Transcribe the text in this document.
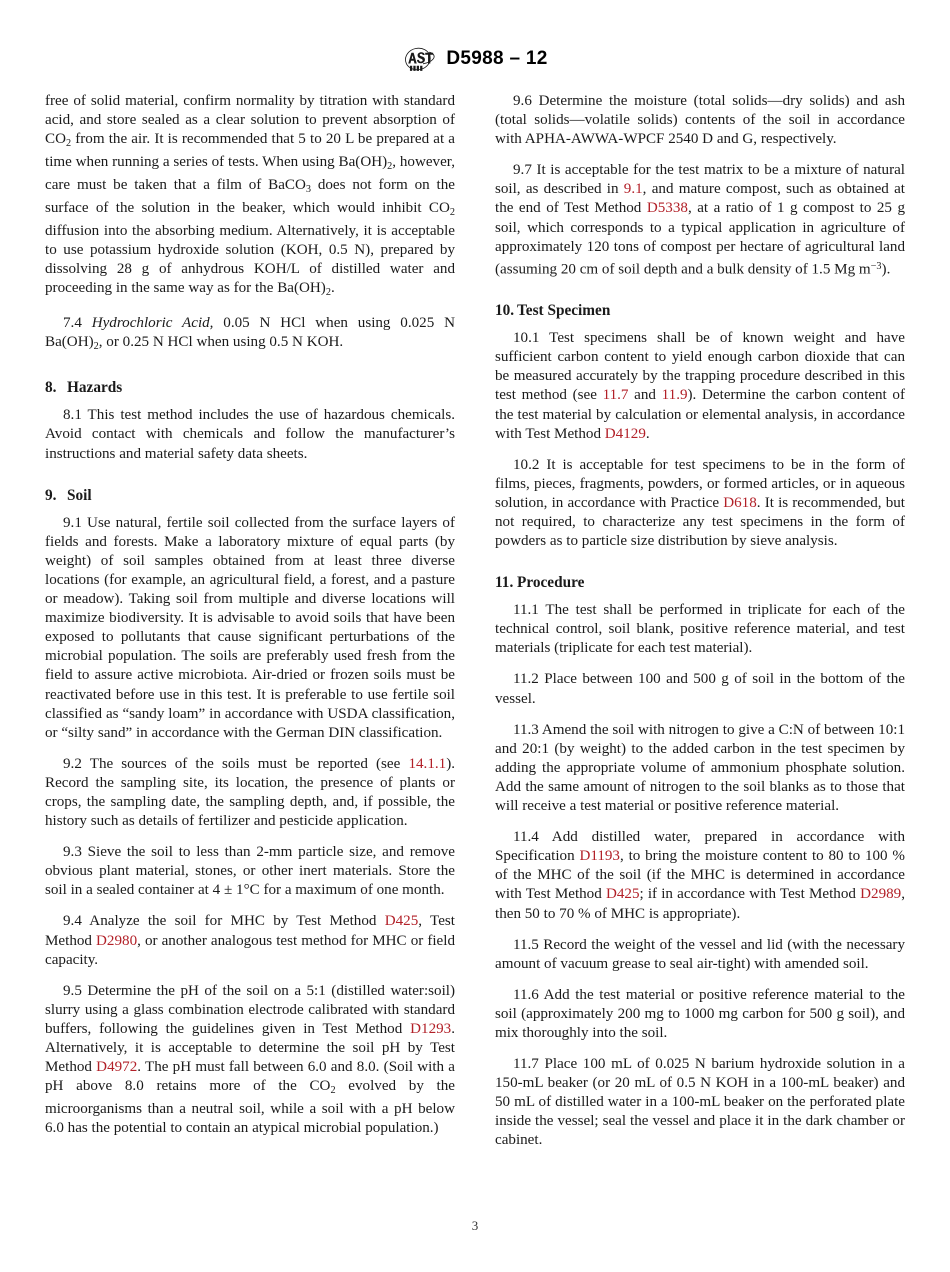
D5988 – 12

free of solid material, confirm normality by titration with standard acid, and store sealed as a clear solution to prevent absorption of $CO_2$ from the air. It is recommended that 5 to 20 L be prepared at a time when running a series of tests. When using $Ba(OH)_2$, however, care must be taken that a film of BaCO$_3$ does not form on the surface of the solution in the beaker, which would inhibit $CO_2$ diffusion into the absorbing medium. Alternatively, it is acceptable to use potassium hydroxide solution (KOH, 0.5 N), prepared by dissolving 28 g of anhydrous KOH/L of distilled water and proceeding in the same way as for the $Ba(OH)_2$.

7.4 Hydrochloric Acid, 0.05 N HCl when using 0.025 N $Ba(OH)_2$, or 0.25 N HCl when using 0.5 N KOH.

8. Hazards

8.1 This test method includes the use of hazardous chemicals. Avoid contact with chemicals and follow the manufacturer’s instructions and material safety data sheets.

9. Soil

9.1 Use natural, fertile soil collected from the surface layers of fields and forests. Make a laboratory mixture of equal parts (by weight) of soil samples obtained from at least three diverse locations (for example, an agricultural field, a forest, and a pasture or meadow). Taking soil from multiple and diverse locations will maximize biodiversity. It is advisable to avoid soils that have been exposed to pollutants that cause significant perturbations of the microbial population. The soils are preferably used fresh from the field to assure active microbiota. Air-dried or frozen soils must be reactivated before use in this test. It is preferable to use fertile soil classified as “sandy loam” in accordance with USDA classification, or “silty sand” in accordance with the German DIN classification.

9.2 The sources of the soils must be reported (see 14.1.1). Record the sampling site, its location, the presence of plants or crops, the sampling date, the sampling depth, and, if possible, the history such as details of fertilizer and pesticide application.

9.3 Sieve the soil to less than 2-mm particle size, and remove obvious plant material, stones, or other inert materials. Store the soil in a sealed container at 4 ± 1°C for a maximum of one month.

9.4 Analyze the soil for MHC by Test Method D425, Test Method D2980, or another analogous test method for MHC or field capacity.

9.5 Determine the pH of the soil on a 5:1 (distilled water:soil) slurry using a glass combination electrode calibrated with standard buffers, following the guidelines given in Test Method D1293. Alternatively, it is acceptable to determine the soil pH by Test Method D4972. The pH must fall between 6.0 and 8.0. (Soil with a pH above 8.0 retains more of the $CO_2$ evolved by the microorganisms than a neutral soil, while a soil with a pH below 6.0 has the potential to contain an atypical microbial population.)

9.6 Determine the moisture (total solids—dry solids) and ash (total solids—volatile solids) contents of the soil in accordance with APHA-AWWA-WPCF 2540 D and G, respectively.

9.7 It is acceptable for the test matrix to be a mixture of natural soil, as described in 9.1, and mature compost, such as obtained at the end of Test Method D5338, at a ratio of 1 g compost to 25 g soil, which corresponds to a typical application in agriculture of approximately 120 tons of compost per hectare of agricultural land (assuming 20 cm of soil depth and a bulk density of 1.5 Mg $m^{-3}$).

10. Test Specimen

10.1 Test specimens shall be of known weight and have sufficient carbon content to yield enough carbon dioxide that can be measured accurately by the trapping procedure described in this test method (see 11.7 and 11.9). Determine the carbon content of the test material by calculation or elemental analysis, in accordance with Test Method D4129.

10.2 It is acceptable for test specimens to be in the form of films, pieces, fragments, powders, or formed articles, or in aqueous solution, in accordance with Practice D618. It is recommended, but not required, to characterize any test specimens in the form of powders as to particle size distribution by sieve analysis.

11. Procedure

11.1 The test shall be performed in triplicate for each of the technical control, soil blank, positive reference material, and test materials (triplicate for each test material).

11.2 Place between 100 and 500 g of soil in the bottom of the vessel.

11.3 Amend the soil with nitrogen to give a C:N of between 10:1 and 20:1 (by weight) to the added carbon in the test specimen by adding the appropriate volume of ammonium phosphate solution. Add the same amount of nitrogen to the soil blanks as to those that will receive a test material or positive reference material.

11.4 Add distilled water, prepared in accordance with Specification D1193, to bring the moisture content to 80 to 100 % of the MHC of the soil (if the MHC is determined in accordance with Test Method D425; if in accordance with Test Method D2989, then 50 to 70 % of MHC is appropriate).

11.5 Record the weight of the vessel and lid (with the necessary amount of vacuum grease to seal air-tight) with amended soil.

11.6 Add the test material or positive reference material to the soil (approximately 200 mg to 1000 mg carbon for 500 g soil), and mix thoroughly into the soil.

11.7 Place 100 mL of 0.025 N barium hydroxide solution in a 150-mL beaker (or 20 mL of 0.5 N KOH in a 100-mL beaker) and 50 mL of distilled water in a 100-mL beaker on the perforated plate inside the vessel; seal the vessel and place it in the dark chamber or cabinet.

3
